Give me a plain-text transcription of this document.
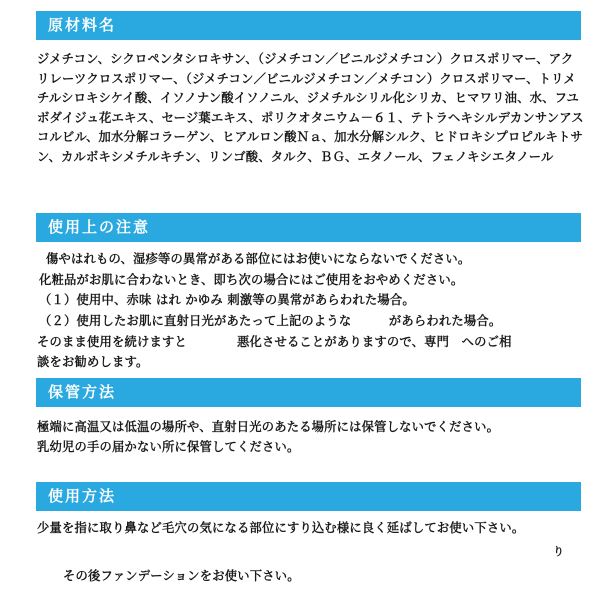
原材料名

ジメチコン、シクロペンタシロキサン、（ジメチコン／ビニルジメチコン）クロスポリマー、アクリレーツクロスポリマー、（ジメチコン／ビニルジメチコン／メチコン）クロスポリマー、トリメチルシロキシケイ酸、イソノナン酸イソノニル、ジメチルシリル化シリカ、ヒマワリ油、水、フユボダイジュ花エキス、セージ葉エキス、ポリクオタニウム－６１、テトラヘキシルデカンサンアスコルビル、加水分解コラーゲン、ヒアルロン酸Ｎａ、加水分解シルク、ヒドロキシプロピルキトサン、カルボキシメチルキチン、リンゴ酸、タルク、ＢＧ、エタノール、フェノキシエタノール

使用上の注意
傷やはれもの、湿疹等の異常がある部位にはお使いにならないでください。
化粧品がお肌に合わないとき、即ち次の場合にはご使用をおやめください。
（１）使用中、赤味 はれ かゆみ 刺激等の異常があらわれた場合。
（２）使用したお肌に直射日光があたって上記のような　　　があらわれた場合。
そのまま使用を続けますと　　　　悪化させることがありますので、専門　へのご相
談をお勧めします。
保管方法
極端に高温又は低温の場所や、直射日光のあたる場所には保管しないでください。
乳幼児の手の届かない所に保管してください。
使用方法
少量を指に取り鼻など毛穴の気になる部位にすり込む様に良く延ばしてお使い下さい。
り
その後ファンデーションをお使い下さい。
